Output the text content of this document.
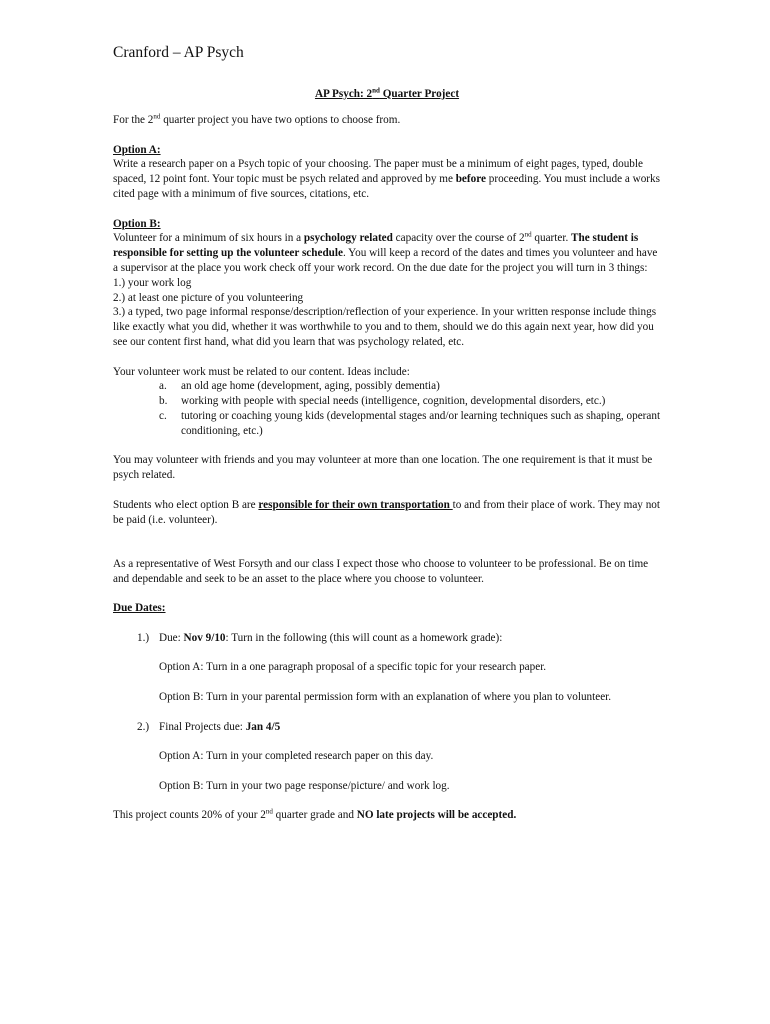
Cranford – AP Psych
AP Psych: 2nd Quarter Project

For the 2nd quarter project you have two options to choose from.

Option A:

Write a research paper on a Psych topic of your choosing. The paper must be a minimum of eight pages, typed, double spaced, 12 point font. Your topic must be psych related and approved by me before proceeding. You must include a works cited page with a minimum of five sources, citations, etc.

Option B:

Volunteer for a minimum of six hours in a psychology related capacity over the course of 2nd quarter. The student is responsible for setting up the volunteer schedule. You will keep a record of the dates and times you volunteer and have a supervisor at the place you work check off your work record. On the due date for the project you will turn in 3 things:

1.) your work log

2.) at least one picture of you volunteering

3.) a typed, two page informal response/description/reflection of your experience. In your written response include things like exactly what you did, whether it was worthwhile to you and to them, should we do this again next year, how did you see our content first hand, what did you learn that was psychology related, etc.

Your volunteer work must be related to our content. Ideas include:

a. an old age home (development, aging, possibly dementia)
b. working with people with special needs (intelligence, cognition, developmental disorders, etc.)
c. tutoring or coaching young kids (developmental stages and/or learning techniques such as shaping, operant conditioning, etc.)

You may volunteer with friends and you may volunteer at more than one location. The one requirement is that it must be psych related.

Students who elect option B are responsible for their own transportation to and from their place of work. They may not be paid (i.e. volunteer).

As a representative of West Forsyth and our class I expect those who choose to volunteer to be professional. Be on time and dependable and seek to be an asset to the place where you choose to volunteer.

Due Dates:

1.) Due: Nov 9/10: Turn in the following (this will count as a homework grade):
Option A: Turn in a one paragraph proposal of a specific topic for your research paper.
Option B: Turn in your parental permission form with an explanation of where you plan to volunteer.
2.) Final Projects due: Jan 4/5
Option A: Turn in your completed research paper on this day.
Option B: Turn in your two page response/picture/ and work log.

This project counts 20% of your 2nd quarter grade and NO late projects will be accepted.
